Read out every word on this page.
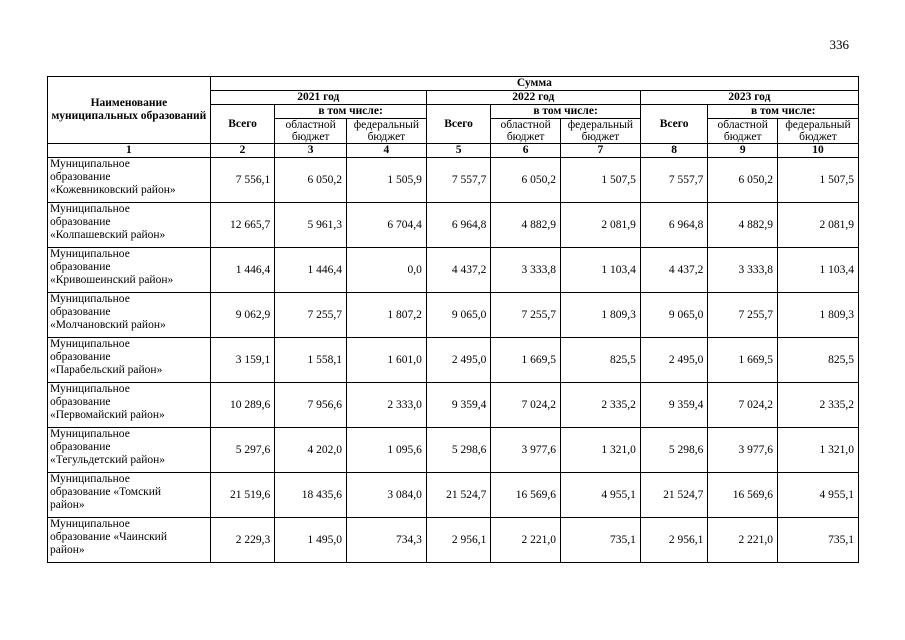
336
Наименование муниципальных образований	Сумма								
	2021 год			2022 год			2023 год		
	Всего	в том числе:		Всего	в том числе:		Всего	в том числе:	
		областной бюджет	федеральный бюджет		областной бюджет	федеральный бюджет		областной бюджет	федеральный бюджет
1	2	3	4	5	6	7	8	9	10
Муниципальное
образование
«Кожевниковский район»	7 556,1	6 050,2	1 505,9	7 557,7	6 050,2	1 507,5	7 557,7	6 050,2	1 507,5
Муниципальное
образование
«Колпашевский район»	12 665,7	5 961,3	6 704,4	6 964,8	4 882,9	2 081,9	6 964,8	4 882,9	2 081,9
Муниципальное
образование
«Кривошеинский район»	1 446,4	1 446,4	0,0	4 437,2	3 333,8	1 103,4	4 437,2	3 333,8	1 103,4
Муниципальное
образование
«Молчановский район»	9 062,9	7 255,7	1 807,2	9 065,0	7 255,7	1 809,3	9 065,0	7 255,7	1 809,3
Муниципальное
образование
«Парабельский район»	3 159,1	1 558,1	1 601,0	2 495,0	1 669,5	825,5	2 495,0	1 669,5	825,5
Муниципальное
образование
«Первомайский район»	10 289,6	7 956,6	2 333,0	9 359,4	7 024,2	2 335,2	9 359,4	7 024,2	2 335,2
Муниципальное
образование
«Тегульдетский район»	5 297,6	4 202,0	1 095,6	5 298,6	3 977,6	1 321,0	5 298,6	3 977,6	1 321,0
Муниципальное
образование «Томский
район»	21 519,6	18 435,6	3 084,0	21 524,7	16 569,6	4 955,1	21 524,7	16 569,6	4 955,1
Муниципальное
образование «Чаинский
район»	2 229,3	1 495,0	734,3	2 956,1	2 221,0	735,1	2 956,1	2 221,0	735,1
